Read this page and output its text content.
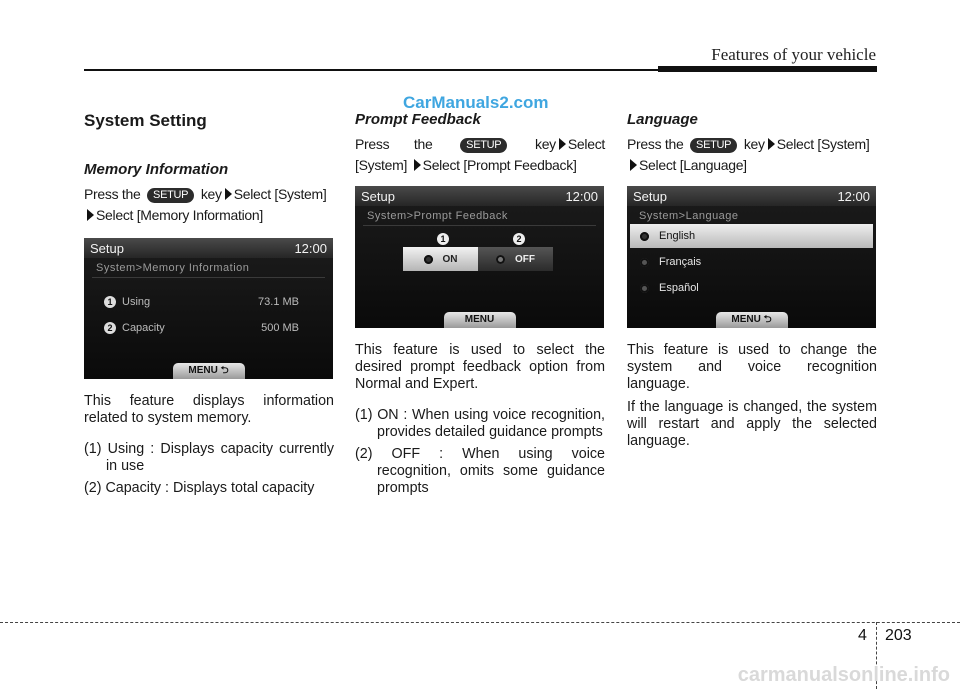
Features of your vehicle
CarManuals2.com

System Setting

Memory Information

Press the SETUP key Select [System]
Select [Memory Information]

Setup	12:00
System>Memory Information
1 Using	73.1 MB
2 Capacity	500 MB
MENU ⮌

This feature displays information related to system memory.

(1) Using : Displays capacity currently in use
(2) Capacity : Displays total capacity

Prompt Feedback

Press the	SETUP key Select

[System] Select [Prompt Feedback]

Setup	12:00
System>Prompt Feedback
1	2
ON	OFF
MENU

This feature is used to select the desired prompt feedback option from Normal and Expert.

(1) ON : When using voice recognition, provides detailed guidance prompts
(2) OFF : When using voice recognition, omits some guidance prompts

Language

Press the SETUP key Select [System]
Select [Language]

Setup	12:00
System>Language
English
Français
Español
MENU ⮌

This feature is used to change the system and voice recognition language.

If the language is changed, the system will restart and apply the selected language.

4 203
carmanualsonline.info
